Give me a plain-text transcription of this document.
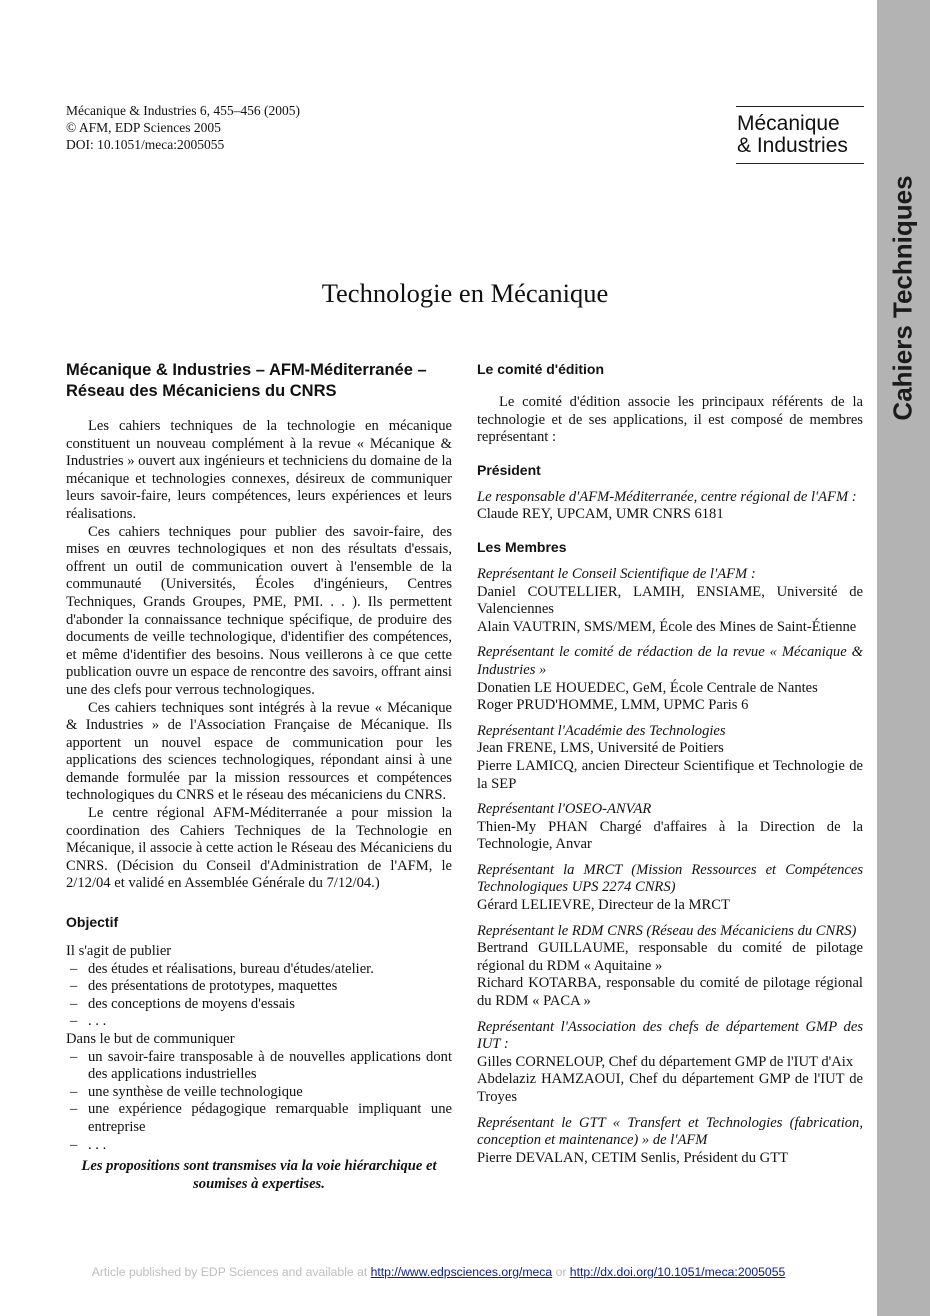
Cahiers Techniques
Mécanique & Industries 6, 455–456 (2005)
© AFM, EDP Sciences 2005
DOI: 10.1051/meca:2005055
Mécanique
& Industries
Technologie en Mécanique
Mécanique & Industries – AFM-Méditerranée – Réseau des Mécaniciens du CNRS

Les cahiers techniques de la technologie en mécanique constituent un nouveau complément à la revue « Mécanique & Industries » ouvert aux ingénieurs et techniciens du domaine de la mécanique et technologies connexes, désireux de communiquer leurs savoir-faire, leurs compétences, leurs expériences et leurs réalisations.

Ces cahiers techniques pour publier des savoir-faire, des mises en œuvres technologiques et non des résultats d'essais, offrent un outil de communication ouvert à l'ensemble de la communauté (Universités, Écoles d'ingénieurs, Centres Techniques, Grands Groupes, PME, PMI. . . ). Ils permettent d'abonder la connaissance technique spécifique, de produire des documents de veille technologique, d'identifier des compétences, et même d'identifier des besoins. Nous veillerons à ce que cette publication ouvre un espace de rencontre des savoirs, offrant ainsi une des clefs pour verrous technologiques.

Ces cahiers techniques sont intégrés à la revue « Mécanique & Industries » de l'Association Française de Mécanique. Ils apportent un nouvel espace de communication pour les applications des sciences technologiques, répondant ainsi à une demande formulée par la mission ressources et compétences technologiques du CNRS et le réseau des mécaniciens du CNRS.

Le centre régional AFM-Méditerranée a pour mission la coordination des Cahiers Techniques de la Technologie en Mécanique, il associe à cette action le Réseau des Mécaniciens du CNRS. (Décision du Conseil d'Administration de l'AFM, le 2/12/04 et validé en Assemblée Générale du 7/12/04.)

Objectif

Il s'agit de publier

– des études et réalisations, bureau d'études/atelier.
– des présentations de prototypes, maquettes
– des conceptions de moyens d'essais
– . . .

Dans le but de communiquer

– un savoir-faire transposable à de nouvelles applications dont des applications industrielles
– une synthèse de veille technologique
– une expérience pédagogique remarquable impliquant une entreprise
– . . .

Les propositions sont transmises via la voie hiérarchique et soumises à expertises.

Le comité d'édition

Le comité d'édition associe les principaux référents de la technologie et de ses applications, il est composé de membres représentant :

Président

Le responsable d'AFM-Méditerranée, centre régional de l'AFM :

Claude REY, UPCAM, UMR CNRS 6181

Les Membres

Représentant le Conseil Scientifique de l'AFM :

Daniel COUTELLIER, LAMIH, ENSIAME, Université de Valenciennes

Alain VAUTRIN, SMS/MEM, École des Mines de Saint-Étienne

Représentant le comité de rédaction de la revue « Mécanique & Industries »

Donatien LE HOUEDEC, GeM, École Centrale de Nantes

Roger PRUD'HOMME, LMM, UPMC Paris 6

Représentant l'Académie des Technologies

Jean FRENE, LMS, Université de Poitiers

Pierre LAMICQ, ancien Directeur Scientifique et Technologie de la SEP

Représentant l'OSEO-ANVAR

Thien-My PHAN Chargé d'affaires à la Direction de la Technologie, Anvar

Représentant la MRCT (Mission Ressources et Compétences Technologiques UPS 2274 CNRS)

Gérard LELIEVRE, Directeur de la MRCT

Représentant le RDM CNRS (Réseau des Mécaniciens du CNRS)

Bertrand GUILLAUME, responsable du comité de pilotage régional du RDM « Aquitaine »

Richard KOTARBA, responsable du comité de pilotage régional du RDM « PACA »

Représentant l'Association des chefs de département GMP des IUT :

Gilles CORNELOUP, Chef du département GMP de l'IUT d'Aix

Abdelaziz HAMZAOUI, Chef du département GMP de l'IUT de Troyes

Représentant le GTT « Transfert et Technologies (fabrication, conception et maintenance) » de l'AFM

Pierre DEVALAN, CETIM Senlis, Président du GTT

Article published by EDP Sciences and available at http://www.edpsciences.org/meca or http://dx.doi.org/10.1051/meca:2005055
